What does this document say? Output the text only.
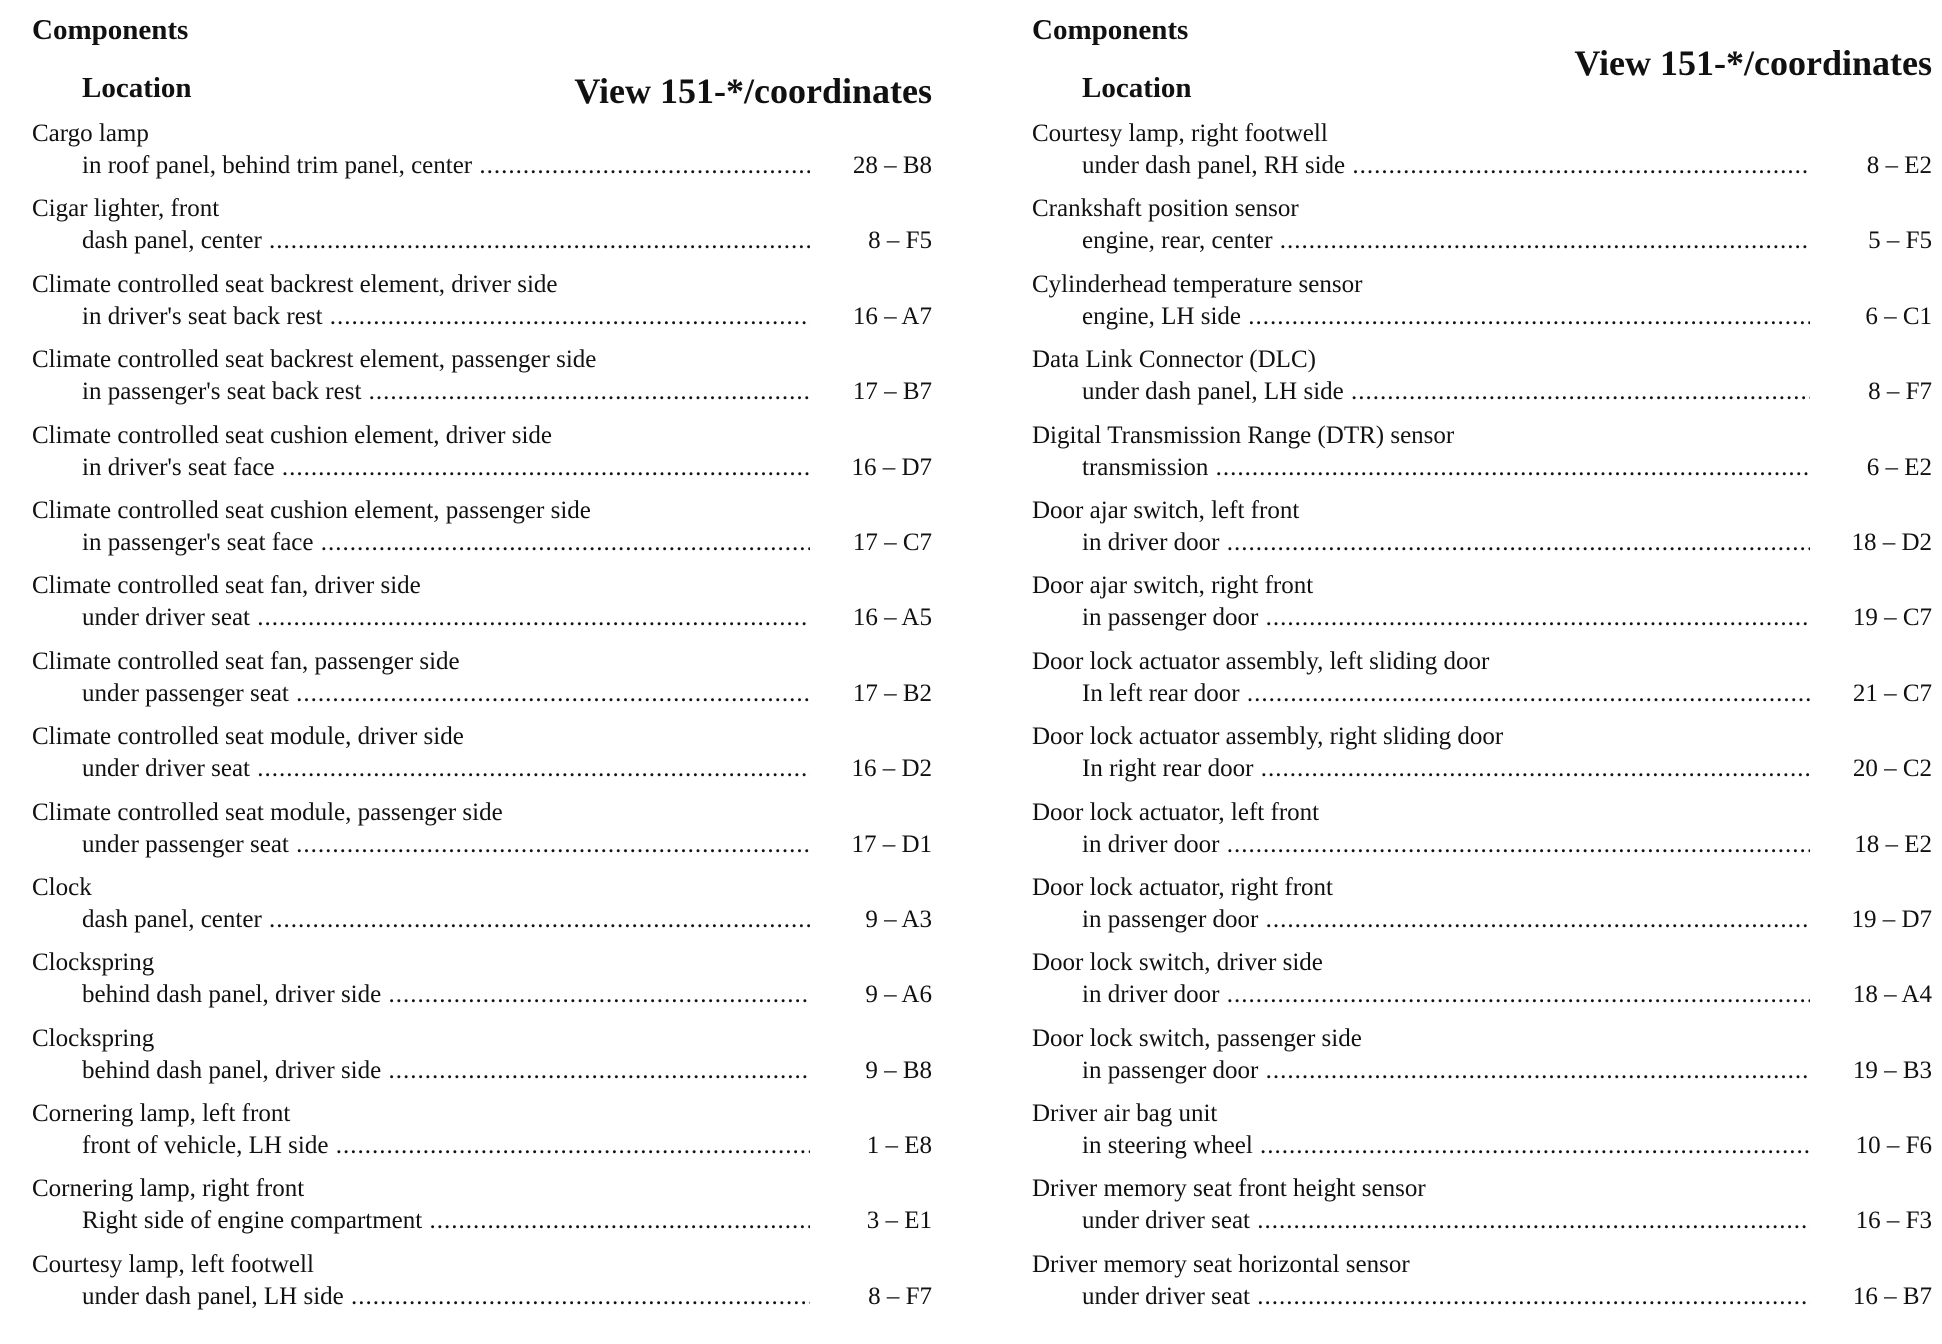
Components
Location	View 151-*/coordinates
Cargo lamp
in roof panel, behind trim panel, center .....	28 – B8
Cigar lighter, front
dash panel, center .....	8 – F5
Climate controlled seat backrest element, driver side
in driver's seat back rest .....	16 – A7
Climate controlled seat backrest element, passenger side
in passenger's seat back rest .....	17 – B7
Climate controlled seat cushion element, driver side
in driver's seat face .....	16 – D7
Climate controlled seat cushion element, passenger side
in passenger's seat face .....	17 – C7
Climate controlled seat fan, driver side
under driver seat .....	16 – A5
Climate controlled seat fan, passenger side
under passenger seat .....	17 – B2
Climate controlled seat module, driver side
under driver seat .....	16 – D2
Climate controlled seat module, passenger side
under passenger seat .....	17 – D1
Clock
dash panel, center .....	9 – A3
Clockspring
behind dash panel, driver side .....	9 – A6
Clockspring
behind dash panel, driver side .....	9 – B8
Cornering lamp, left front
front of vehicle, LH side .....	1 – E8
Cornering lamp, right front
Right side of engine compartment .....	3 – E1
Courtesy lamp, left footwell
under dash panel, LH side .....	8 – F7
Components
Location
View 151-*/coordinates
Courtesy lamp, right footwell
under dash panel, RH side .....	8 – E2
Crankshaft position sensor
engine, rear, center .....	5 – F5
Cylinderhead temperature sensor
engine, LH side .....	6 – C1
Data Link Connector (DLC)
under dash panel, LH side .....	8 – F7
Digital Transmission Range (DTR) sensor
transmission .....	6 – E2
Door ajar switch, left front
in driver door .....	18 – D2
Door ajar switch, right front
in passenger door .....	19 – C7
Door lock actuator assembly, left sliding door
In left rear door .....	21 – C7
Door lock actuator assembly, right sliding door
In right rear door .....	20 – C2
Door lock actuator, left front
in driver door .....	18 – E2
Door lock actuator, right front
in passenger door .....	19 – D7
Door lock switch, driver side
in driver door .....	18 – A4
Door lock switch, passenger side
in passenger door .....	19 – B3
Driver air bag unit
in steering wheel .....	10 – F6
Driver memory seat front height sensor
under driver seat .....	16 – F3
Driver memory seat horizontal sensor
under driver seat .....	16 – B7
